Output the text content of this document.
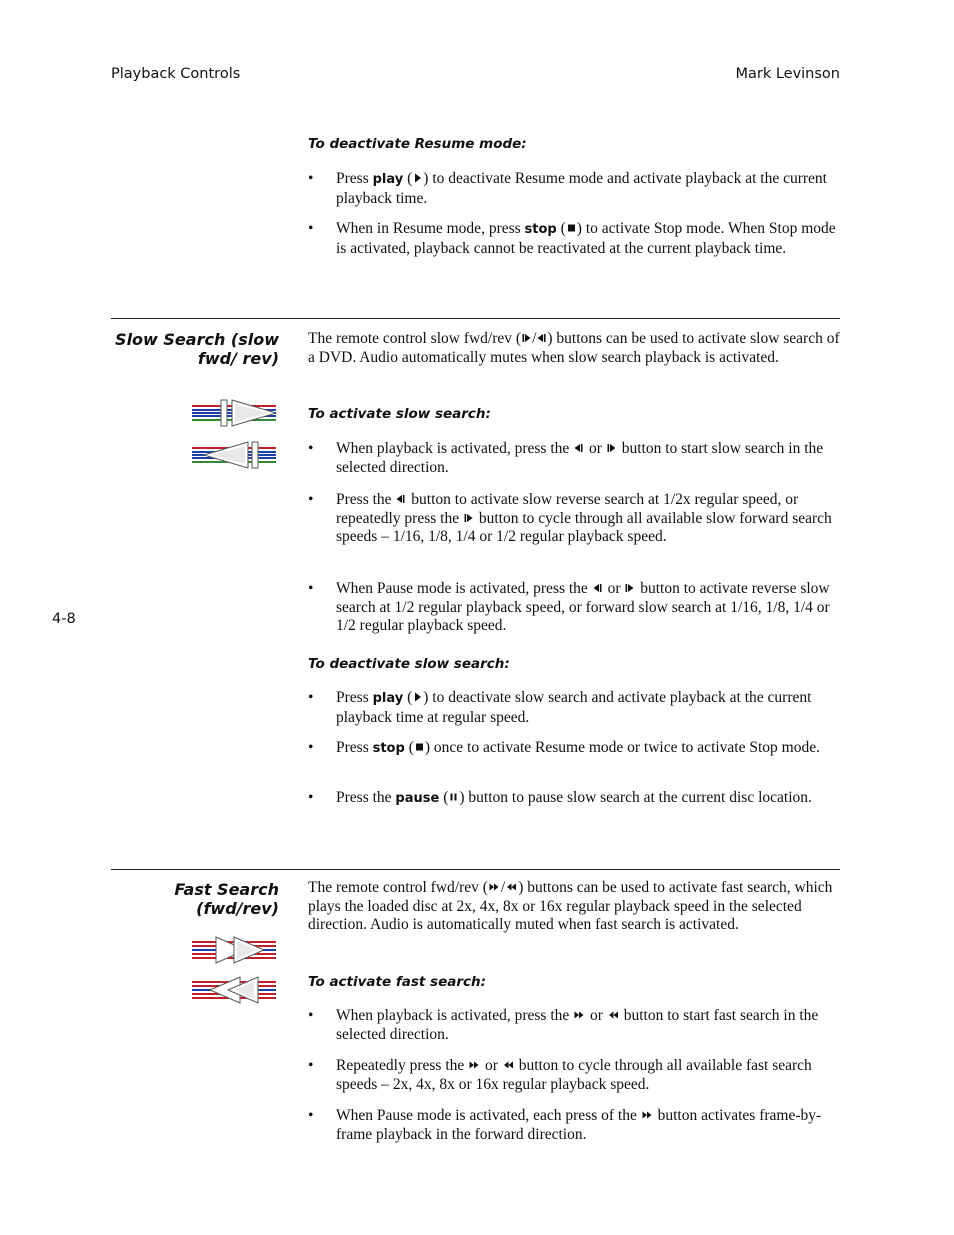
Playback Controls	Mark Levinson
4-8
To deactivate Resume mode:
•	Press play ( ) to deactivate Resume mode and activate playback at the current playback time.
•	When in Resume mode, press stop ( ) to activate Stop mode. When Stop mode is activated, playback cannot be reactivated at the current playback time.
Slow Search (slow fwd/ rev)
The remote control slow fwd/rev ( / ) buttons can be used to activate slow search of a DVD. Audio automatically mutes when slow search playback is activated.
To activate slow search:
•	When playback is activated, press the  or  button to start slow search in the selected direction.
•	Press the  button to activate slow reverse search at 1/2x regular speed, or repeatedly press the  button to cycle through all available slow forward search speeds – 1/16, 1/8, 1/4 or 1/2 regular playback speed.
•	When Pause mode is activated, press the  or  button to activate reverse slow search at 1/2 regular playback speed, or forward slow search at 1/16, 1/8, 1/4 or 1/2 regular playback speed.
To deactivate slow search:
•	Press play ( ) to deactivate slow search and activate playback at the current playback time at regular speed.
•	Press stop ( ) once to activate Resume mode or twice to activate Stop mode.
•	Press the pause ( ) button to pause slow search at the current disc location.
Fast Search (fwd/rev)
The remote control fwd/rev ( / ) buttons can be used to activate fast search, which plays the loaded disc at 2x, 4x, 8x or 16x regular playback speed in the selected direction. Audio is automatically muted when fast search is activated.
To activate fast search:
•	When playback is activated, press the  or  button to start fast search in the selected direction.
•	Repeatedly press the  or  button to cycle through all available fast search speeds – 2x, 4x, 8x or 16x regular playback speed.
•	When Pause mode is activated, each press of the  button activates frame-by-frame playback in the forward direction.
